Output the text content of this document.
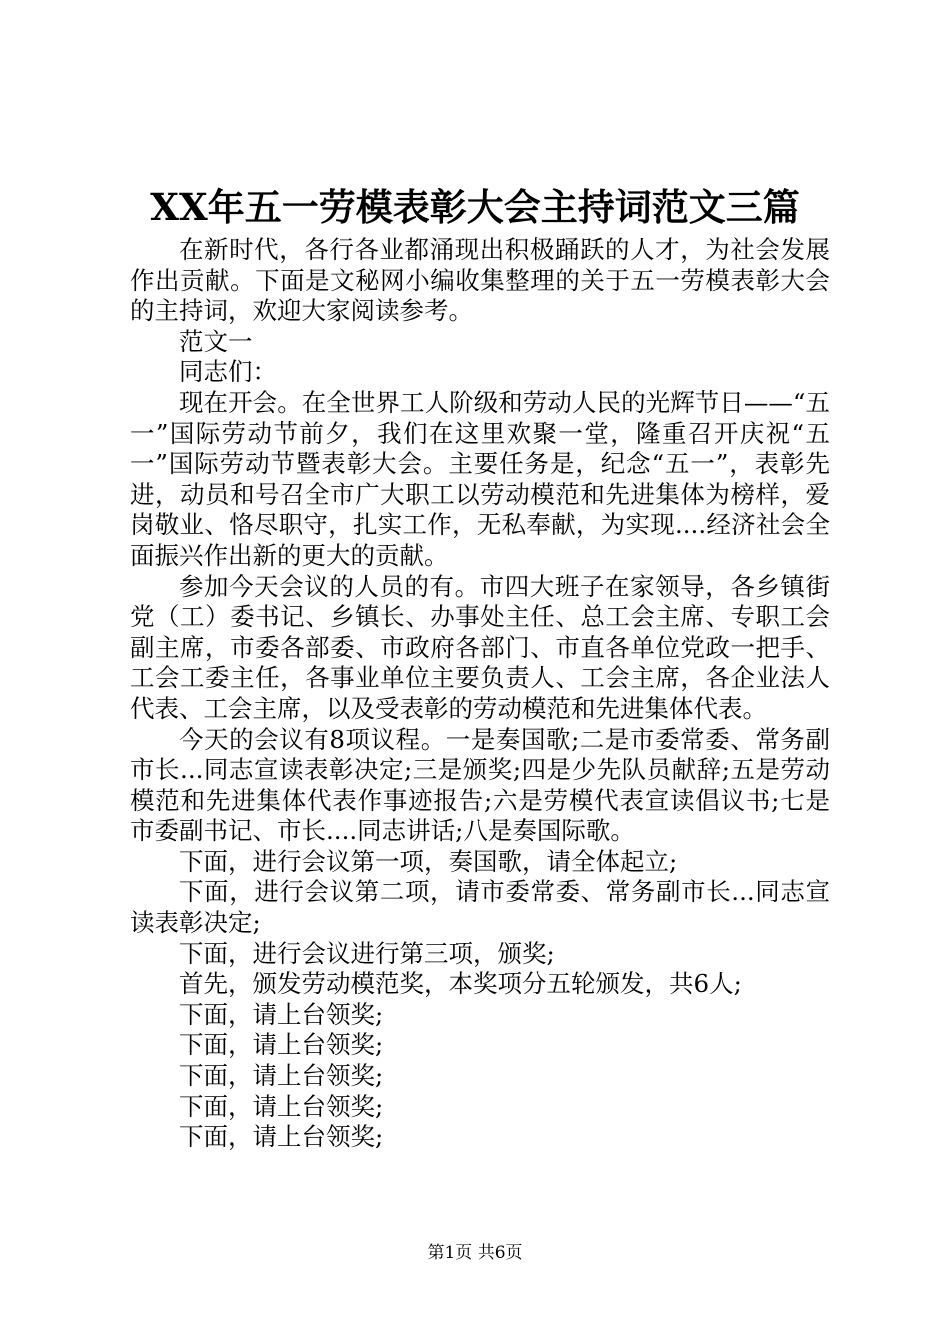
XX年五一劳模表彰大会主持词范文三篇

在新时代，各行各业都涌现出积极踊跃的人才，为社会发展作出贡献。下面是文秘网小编收集整理的关于五一劳模表彰大会的主持词，欢迎大家阅读参考。

范文一

同志们：

现在开会。在全世界工人阶级和劳动人民的光辉节日——“五一”国际劳动节前夕，我们在这里欢聚一堂，隆重召开庆祝“五一”国际劳动节暨表彰大会。主要任务是，纪念“五一”，表彰先进，动员和号召全市广大职工以劳动模范和先进集体为榜样，爱岗敬业、恪尽职守，扎实工作，无私奉献，为实现....经济社会全面振兴作出新的更大的贡献。

参加今天会议的人员的有。市四大班子在家领导，各乡镇街党（工）委书记、乡镇长、办事处主任、总工会主席、专职工会副主席，市委各部委、市政府各部门、市直各单位党政一把手、工会工委主任，各事业单位主要负责人、工会主席，各企业法人代表、工会主席，以及受表彰的劳动模范和先进集体代表。

今天的会议有8项议程。一是奏国歌;二是市委常委、常务副市长...同志宣读表彰决定;三是颁奖;四是少先队员献辞;五是劳动模范和先进集体代表作事迹报告;六是劳模代表宣读倡议书;七是市委副书记、市长....同志讲话;八是奏国际歌。

下面，进行会议第一项，奏国歌，请全体起立;

下面，进行会议第二项，请市委常委、常务副市长...同志宣读表彰决定;

下面，进行会议进行第三项，颁奖;

首先，颁发劳动模范奖，本奖项分五轮颁发，共6人;

下面，请上台领奖;

下面，请上台领奖;

下面，请上台领奖;

下面，请上台领奖;

下面，请上台领奖;

第1页 共6页
